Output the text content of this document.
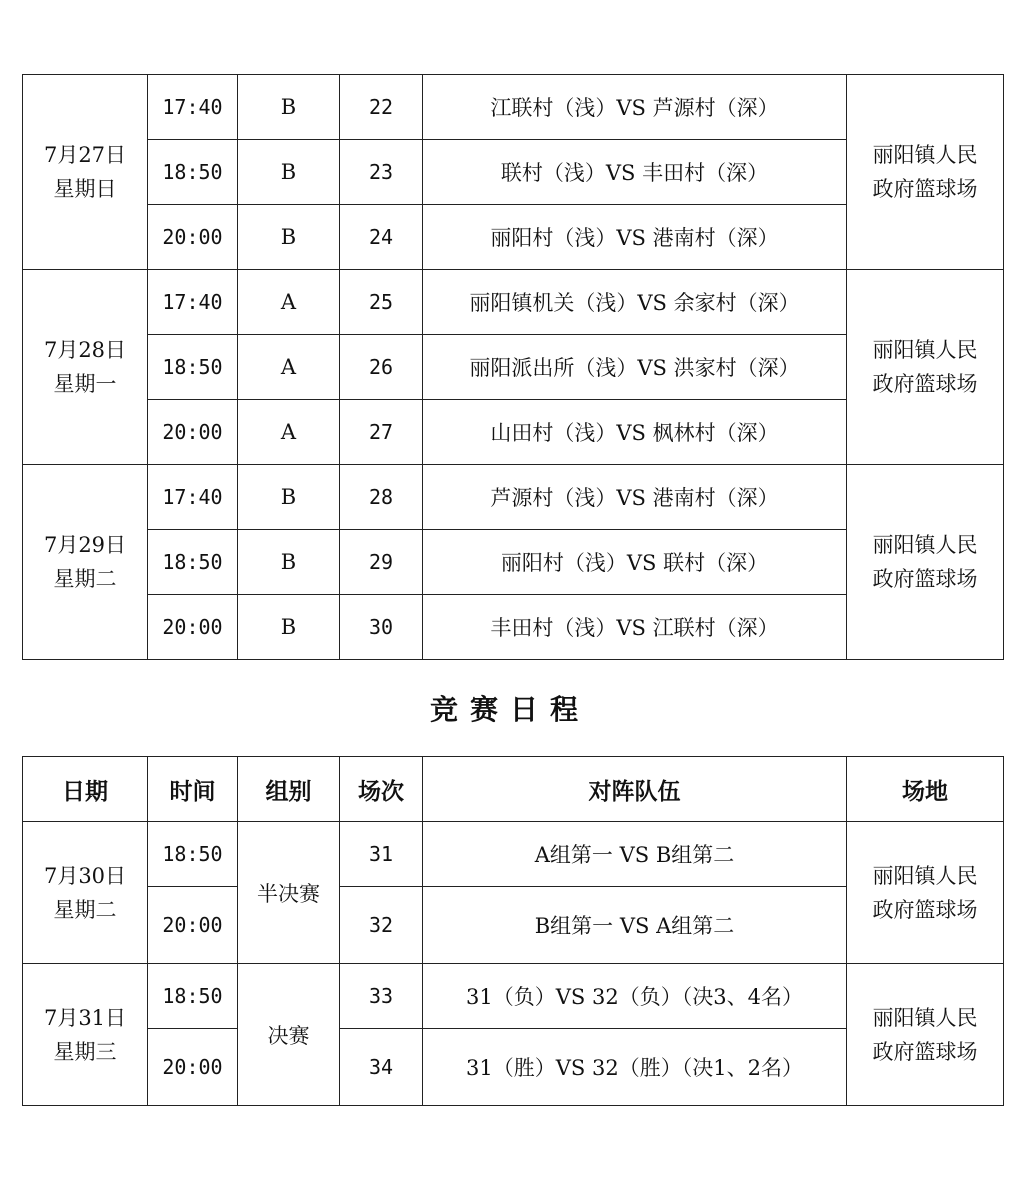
7月27日
星期日	17:40	B	22	江联村（浅）VS 芦源村（深）	丽阳镇人民
政府篮球场

	18:50	B	23	联村（浅）VS 丰田村（深）	
	20:00	B	24	丽阳村（浅）VS 港南村（深）	

7月28日
星期一	17:40	A	25	丽阳镇机关（浅）VS 余家村（深）	丽阳镇人民
政府篮球场

	18:50	A	26	丽阳派出所（浅）VS 洪家村（深）	
	20:00	A	27	山田村（浅）VS 枫林村（深）	

7月29日
星期二	17:40	B	28	芦源村（浅）VS 港南村（深）	丽阳镇人民
政府篮球场

	18:50	B	29	丽阳村（浅）VS 联村（深）	
	20:00	B	30	丰田村（浅）VS 江联村（深）	
竞赛日程
日期	时间	组别	场次	对阵队伍	场地

7月30日
星期二	18:50	半决赛	31	A组第一 VS B组第二	丽阳镇人民
政府篮球场

	20:00		32	B组第一 VS A组第二	

7月31日
星期三	18:50	决赛	33	31（负）VS 32（负）（决3、4名）	丽阳镇人民
政府篮球场

	20:00		34	31（胜）VS 32（胜）（决1、2名）	
